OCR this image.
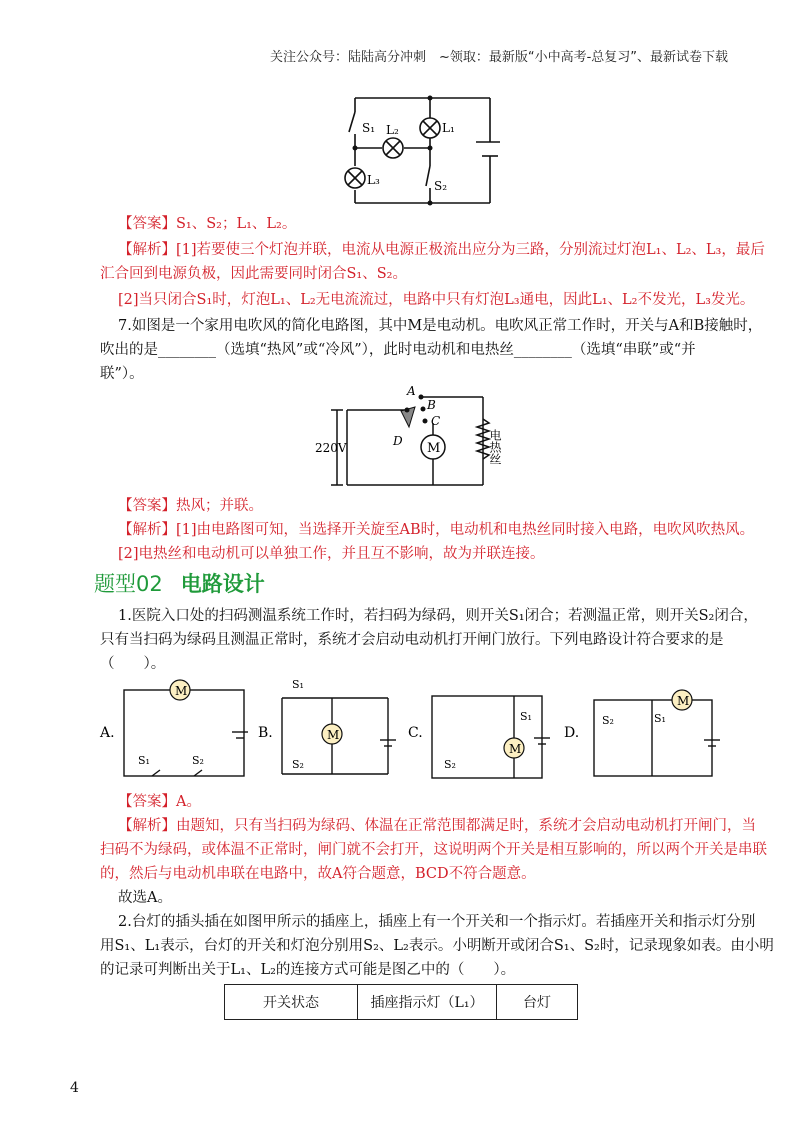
关注公众号：陆陆高分冲刺　~领取：最新版“小中高考-总复习”、最新试卷下载
S₁ L₂	L₁
L₃	S₂
【答案】S₁、S₂；L₁、L₂。
【解析】[1]若要使三个灯泡并联，电流从电源正极流出应分为三路，分别流过灯泡L₁、L₂、L₃，最后
汇合回到电源负极，因此需要同时闭合S₁、S₂。
[2]当只闭合S₁时，灯泡L₁、L₂无电流流过，电路中只有灯泡L₃通电，因此L₁、L₂不发光，L₃发光。
7.如图是一个家用电吹风的简化电路图，其中M是电动机。电吹风正常工作时，开关与A和B接触时，
吹出的是________（选填“热风”或“冷风”），此时电动机和电热丝________（选填“串联”或“并
联”）。
A
B
C
D
220V	M	电热丝
【答案】热风；并联。
【解析】[1]由电路图可知，当选择开关旋至AB时，电动机和电热丝同时接入电路，电吹风吹热风。
[2]电热丝和电动机可以单独工作，并且互不影响，故为并联连接。
题型02 电路设计
1.医院入口处的扫码测温系统工作时，若扫码为绿码，则开关S₁闭合；若测温正常，则开关S₂闭合，
只有当扫码为绿码且测温正常时，系统才会启动电动机打开闸门放行。下列电路设计符合要求的是
（　　）。
M
M
M
M
A.	B.	C.	D.
S₁	S₂
S₁
S₂
S₁
S₂
S₂	S₁
【答案】A。
【解析】由题知，只有当扫码为绿码、体温在正常范围都满足时，系统才会启动电动机打开闸门，当
扫码不为绿码，或体温不正常时，闸门就不会打开，这说明两个开关是相互影响的，所以两个开关是串联
的，然后与电动机串联在电路中，故A符合题意，BCD不符合题意。
故选A。
2.台灯的插头插在如图甲所示的插座上，插座上有一个开关和一个指示灯。若插座开关和指示灯分别
用S₁、L₁表示，台灯的开关和灯泡分别用S₂、L₂表示。小明断开或闭合S₁、S₂时，记录现象如表。由小明
的记录可判断出关于L₁、L₂的连接方式可能是图乙中的（　　）。
开关状态	插座指示灯（L₁）	台灯
4
